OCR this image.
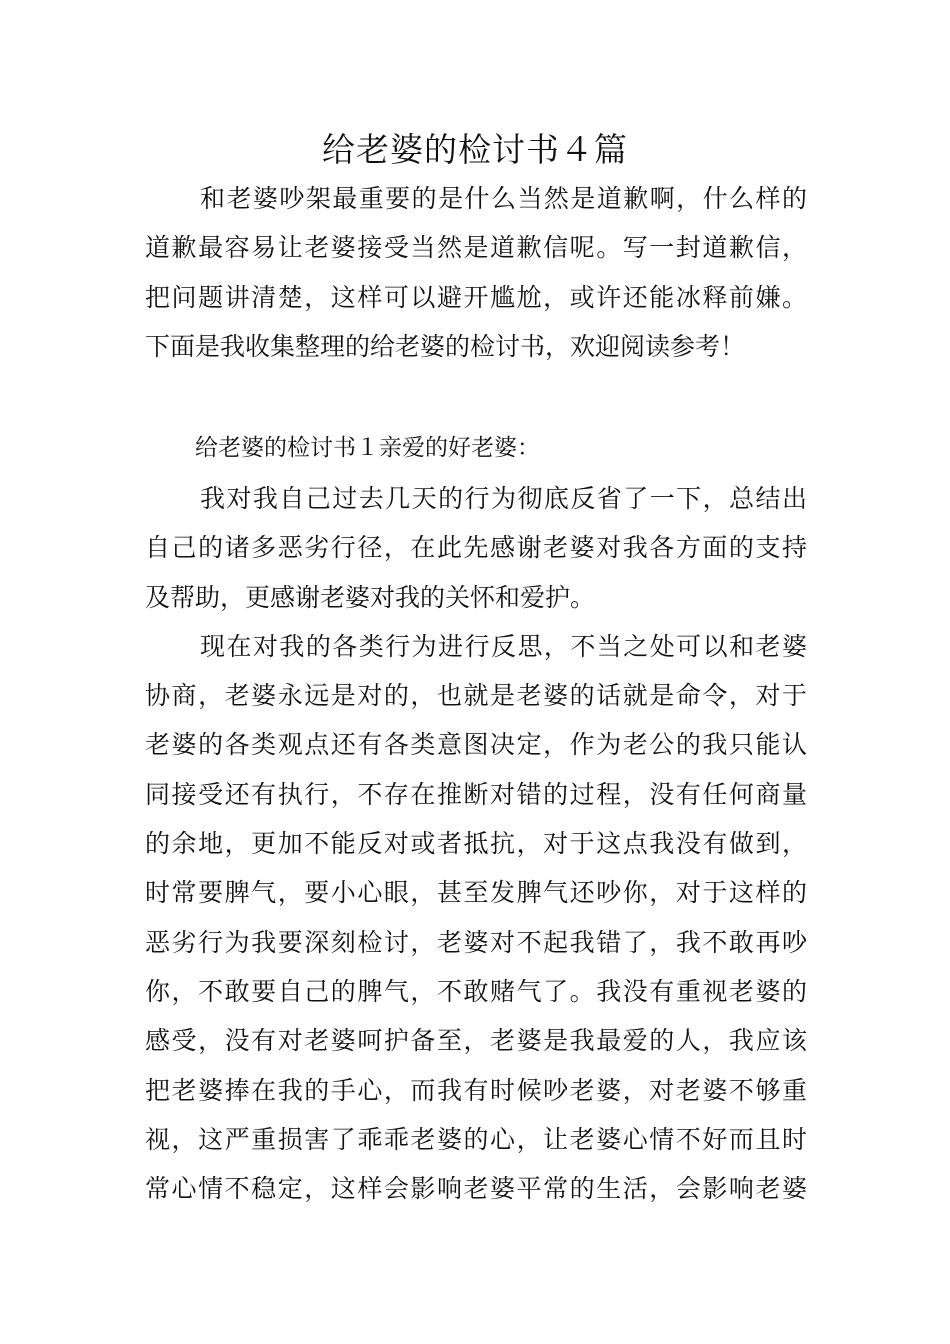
给老婆的检讨书４篇
和老婆吵架最重要的是什么当然是道歉啊，什么样的
道歉最容易让老婆接受当然是道歉信呢。写一封道歉信，
把问题讲清楚，这样可以避开尴尬，或许还能冰释前嫌。
下面是我收集整理的给老婆的检讨书，欢迎阅读参考！

给老婆的检讨书１亲爱的好老婆：

我对我自己过去几天的行为彻底反省了一下，总结出
自己的诸多恶劣行径，在此先感谢老婆对我各方面的支持
及帮助，更感谢老婆对我的关怀和爱护。
现在对我的各类行为进行反思，不当之处可以和老婆
协商，老婆永远是对的，也就是老婆的话就是命令，对于
老婆的各类观点还有各类意图决定，作为老公的我只能认
同接受还有执行，不存在推断对错的过程，没有任何商量
的余地，更加不能反对或者抵抗，对于这点我没有做到，
时常要脾气，要小心眼，甚至发脾气还吵你，对于这样的
恶劣行为我要深刻检讨，老婆对不起我错了，我不敢再吵
你，不敢要自己的脾气，不敢赌气了。我没有重视老婆的
感受，没有对老婆呵护备至，老婆是我最爱的人，我应该
把老婆捧在我的手心，而我有时候吵老婆，对老婆不够重
视，这严重损害了乖乖老婆的心，让老婆心情不好而且时
常心情不稳定，这样会影响老婆平常的生活，会影响老婆
